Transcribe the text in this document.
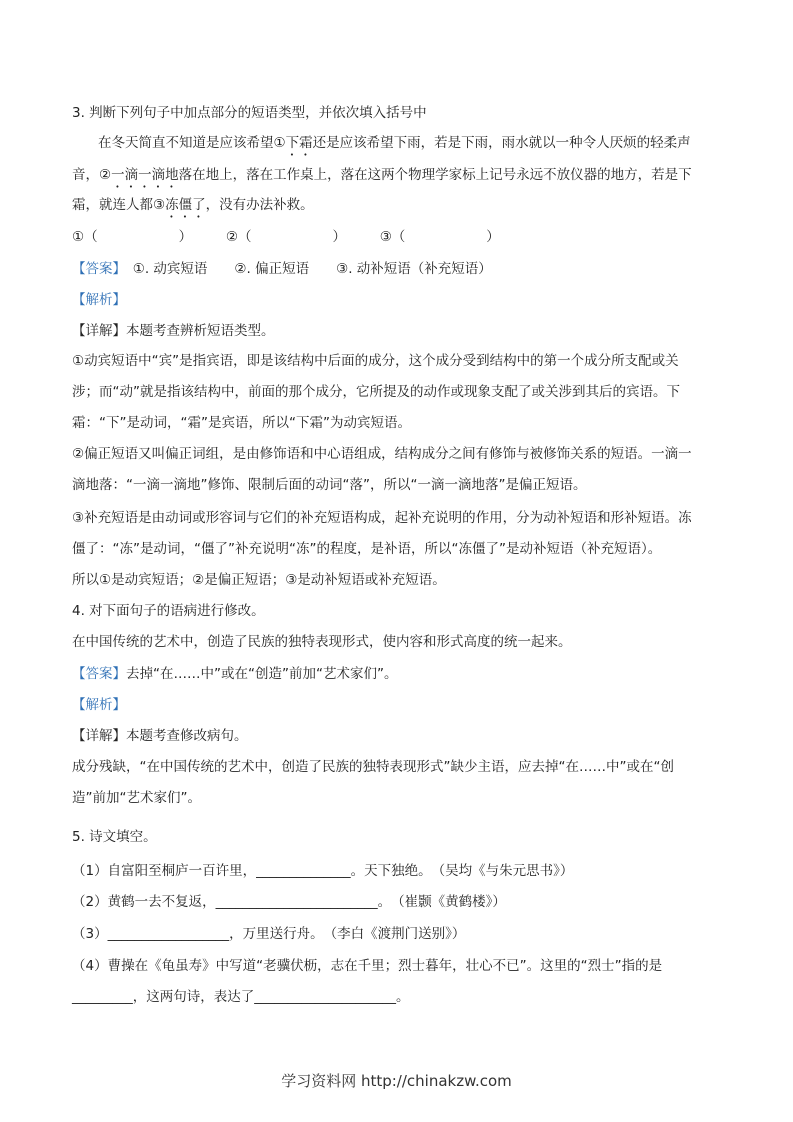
3. 判断下列句子中加点部分的短语类型，并依次填入括号中
在冬天简直不知道是应该希望①下霜还是应该希望下雨，若是下雨，雨水就以一种令人厌烦的轻柔声
音，②一滴一滴地落在地上，落在工作桌上，落在这两个物理学家标上记号永远不放仪器的地方，若是下
霜，就连人都③冻僵了，没有办法补救。
①（　　　　　　）　　　②（　　　　　　）　　　③（　　　　　　）
【答案】　①. 动宾短语　　②. 偏正短语　　③. 动补短语（补充短语）
【解析】
【详解】本题考查辨析短语类型。
①动宾短语中“宾”是指宾语，即是该结构中后面的成分，这个成分受到结构中的第一个成分所支配或关
涉；而“动”就是指该结构中，前面的那个成分，它所提及的动作或现象支配了或关涉到其后的宾语。下
霜：“下”是动词，“霜”是宾语，所以“下霜”为动宾短语。
②偏正短语又叫偏正词组，是由修饰语和中心语组成，结构成分之间有修饰与被修饰关系的短语。一滴一
滴地落：“一滴一滴地”修饰、限制后面的动词“落”，所以“一滴一滴地落”是偏正短语。
③补充短语是由动词或形容词与它们的补充短语构成，起补充说明的作用，分为动补短语和形补短语。冻
僵了：“冻”是动词，“僵了”补充说明“冻”的程度，是补语，所以“冻僵了”是动补短语（补充短语）。
所以①是动宾短语；②是偏正短语；③是动补短语或补充短语。
4. 对下面句子的语病进行修改。
在中国传统的艺术中，创造了民族的独特表现形式，使内容和形式高度的统一起来。
【答案】去掉“在……中”或在“创造”前加“艺术家们”。
【解析】
【详解】本题考查修改病句。
成分残缺，“在中国传统的艺术中，创造了民族的独特表现形式”缺少主语，应去掉“在……中”或在“创
造”前加“艺术家们”。
5. 诗文填空。
（1）自富阳至桐庐一百许里，______________。天下独绝。　（吴均《与朱元思书》）
（2）黄鹤一去不复返，________________________。　（崔颢《黄鹤楼》）
（3）__________________，万里送行舟。　（李白《渡荆门送别》）
（4）曹操在《龟虽寿》中写道“老骥伏枥，志在千里；烈士暮年，壮心不已”。这里的“烈士”指的是
_________，这两句诗，表达了_____________________。
学习资料网 http://chinakzw.com
